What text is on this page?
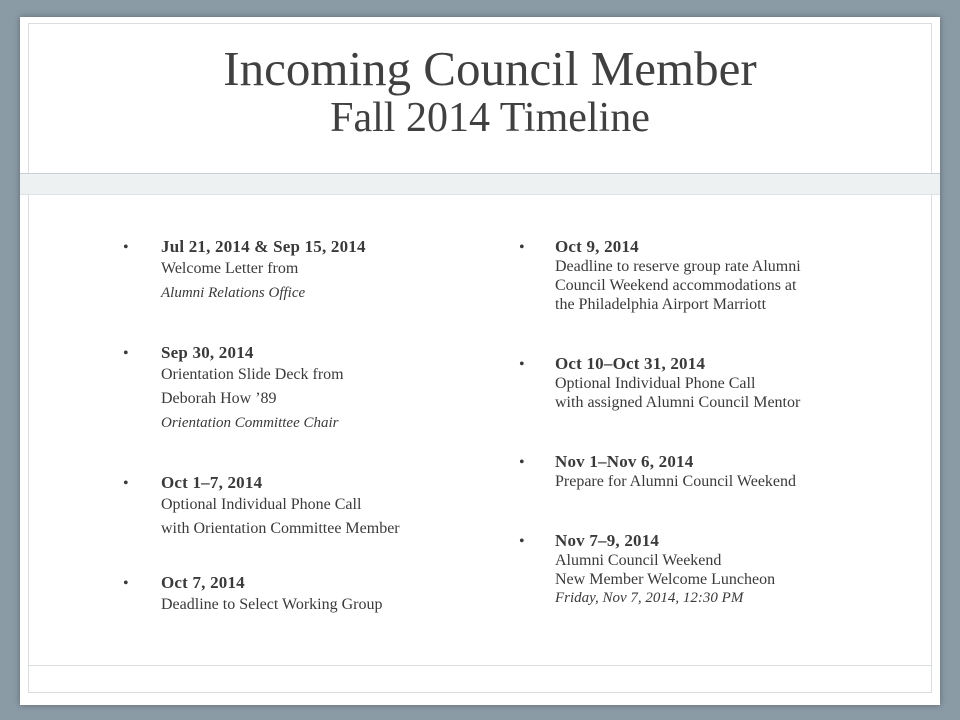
Incoming Council Member
Fall 2014 Timeline
• Jul 21, 2014 & Sep 15, 2014
Welcome Letter from
Alumni Relations Office
• Sep 30, 2014
Orientation Slide Deck from
Deborah How ’89
Orientation Committee Chair
• Oct 1–7, 2014
Optional Individual Phone Call
with Orientation Committee Member
• Oct 7, 2014
Deadline to Select Working Group
• Oct 9, 2014
Deadline to reserve group rate Alumni
Council Weekend accommodations at
the Philadelphia Airport Marriott
• Oct 10–Oct 31, 2014
Optional Individual Phone Call
with assigned Alumni Council Mentor
• Nov 1–Nov 6, 2014
Prepare for Alumni Council Weekend
• Nov 7–9, 2014
Alumni Council Weekend
New Member Welcome Luncheon
Friday, Nov 7, 2014, 12:30 PM
